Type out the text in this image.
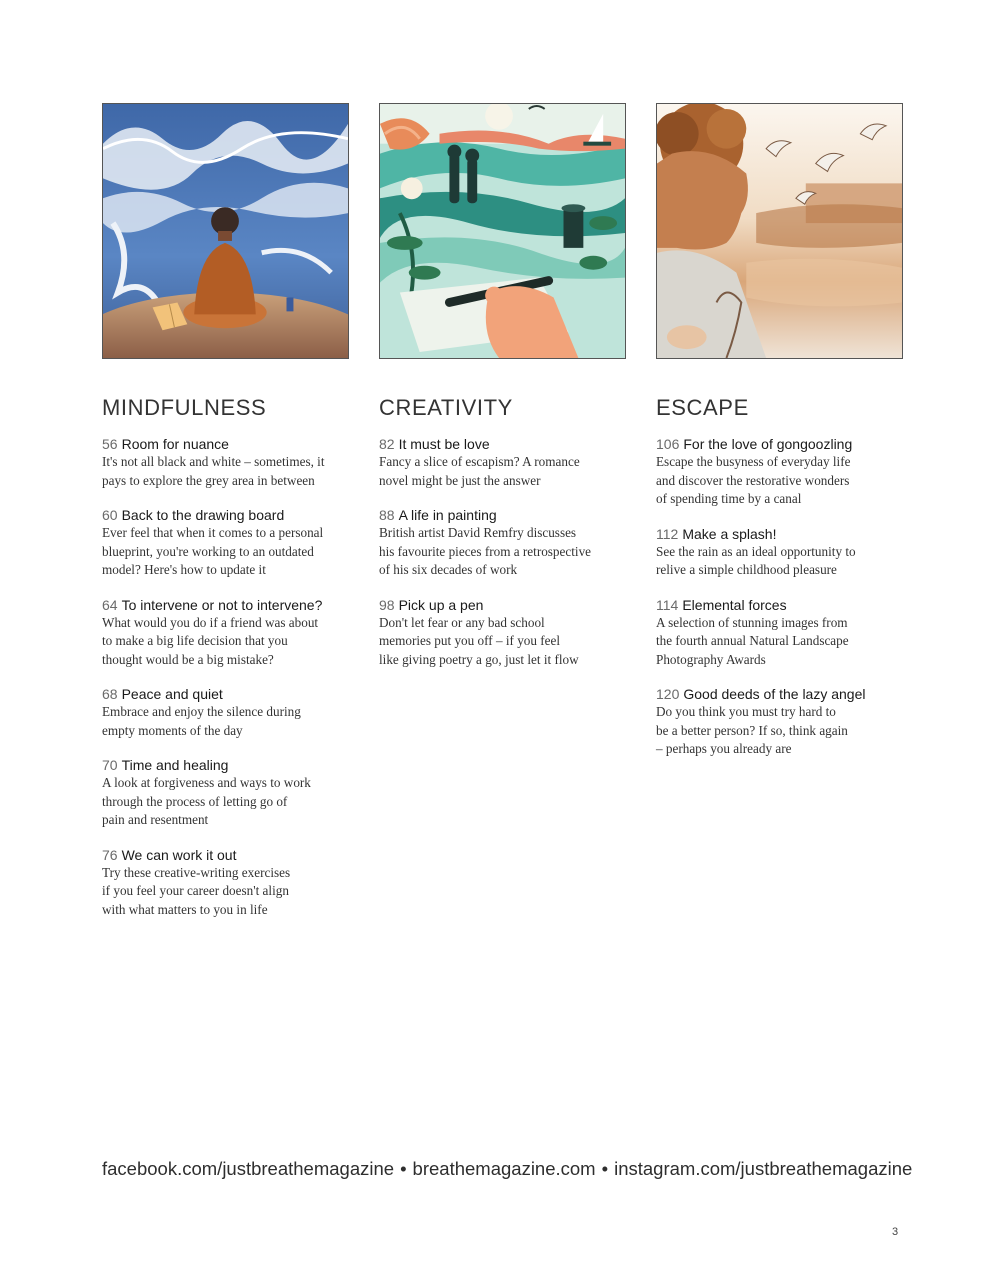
MINDFULNESS
56 Room for nuance
It's not all black and white – sometimes, it
pays to explore the grey area in between
60 Back to the drawing board
Ever feel that when it comes to a personal
blueprint, you're working to an outdated
model? Here's how to update it
64 To intervene or not to intervene?
What would you do if a friend was about
to make a big life decision that you
thought would be a big mistake?
68 Peace and quiet
Embrace and enjoy the silence during
empty moments of the day
70 Time and healing
A look at forgiveness and ways to work
through the process of letting go of
pain and resentment
76 We can work it out
Try these creative-writing exercises
if you feel your career doesn't align
with what matters to you in life
CREATIVITY
82 It must be love
Fancy a slice of escapism? A romance
novel might be just the answer
88 A life in painting
British artist David Remfry discusses
his favourite pieces from a retrospective
of his six decades of work
98 Pick up a pen
Don't let fear or any bad school
memories put you off – if you feel
like giving poetry a go, just let it flow
ESCAPE
106 For the love of gongoozling
Escape the busyness of everyday life
and discover the restorative wonders
of spending time by a canal
112 Make a splash!
See the rain as an ideal opportunity to
relive a simple childhood pleasure
114 Elemental forces
A selection of stunning images from
the fourth annual Natural Landscape
Photography Awards
120 Good deeds of the lazy angel
Do you think you must try hard to
be a better person? If so, think again
– perhaps you already are
facebook.com/justbreathemagazine • breathemagazine.com • instagram.com/justbreathemagazine
3
